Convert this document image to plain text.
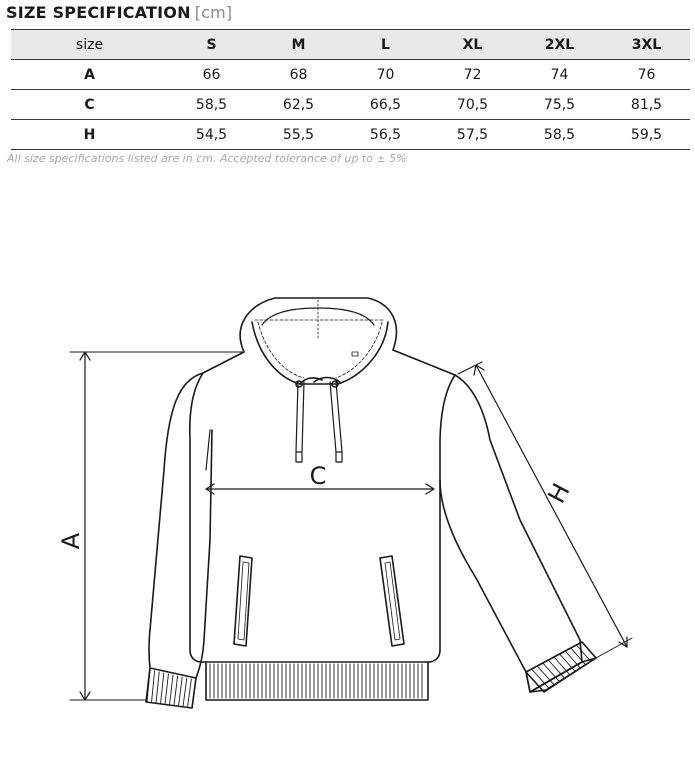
SIZE SPECIFICATION [cm]
size	S	M	L	XL	2XL	3XL
A	66	68	70	72	74	76
C	58,5	62,5	66,5	70,5	75,5	81,5
H	54,5	55,5	56,5	57,5	58,5	59,5
All size specifications listed are in cm. Accepted tolerance of up to ± 5%
A
C
H
